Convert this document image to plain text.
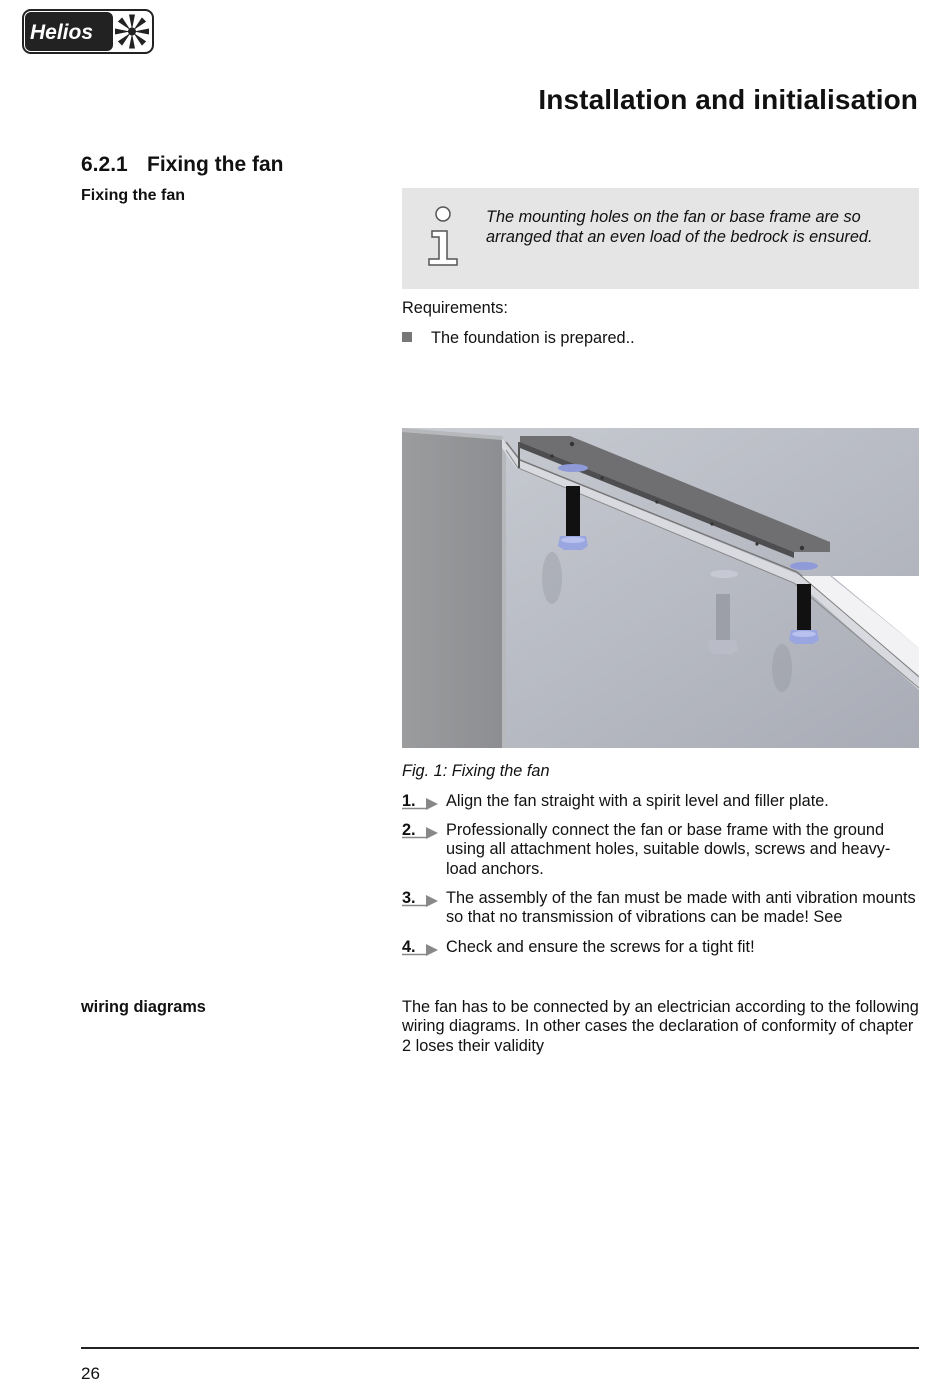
Helios
Installation and initialisation
6.2.1 Fixing the fan
Fixing the fan
The mounting holes on the fan or base frame are so arranged that an even load of the bedrock is ensured.
Requirements:
The foundation is prepared..
Fig. 1: Fixing the fan
1. Align the fan straight with a spirit level and filler plate.
2. Professionally connect the fan or base frame with the ground using all attachment holes, suitable dowls, screws and heavy-load anchors.
3. The assembly of the fan must be made with anti vibration mounts so that no transmission of vibrations can be made! See
4. Check and ensure the screws for a tight fit!
wiring diagrams	The fan has to be connected by an electrician according to the following wiring diagrams. In other cases the declaration of conformity of chapter 2 loses their validity
26
